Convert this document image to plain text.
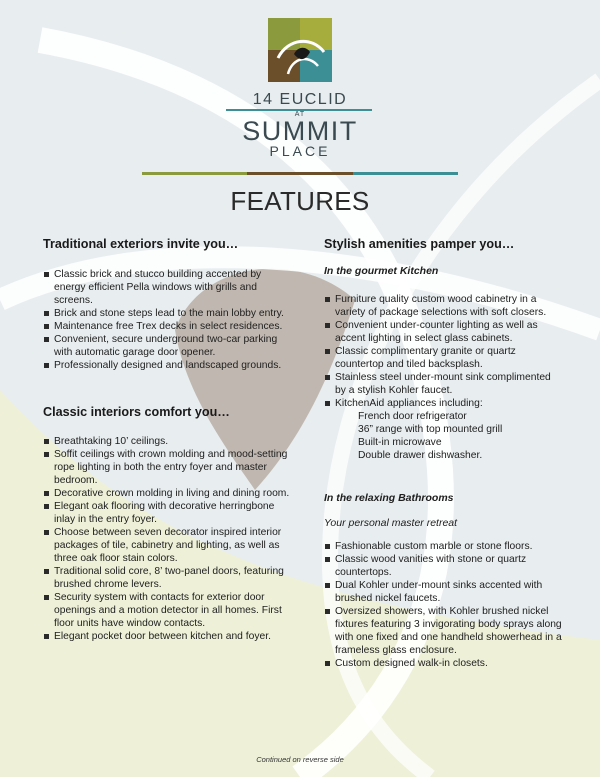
14 EUCLID
AT
SUMMIT
PLACE
FEATURES

Traditional exteriors invite you…

Classic brick and stucco building accented by energy efficient Pella windows with grills and screens.
Brick and stone steps lead to the main lobby entry.
Maintenance free Trex decks in select residences.
Convenient, secure underground two-car parking with automatic garage door opener.
Professionally designed and landscaped grounds.

Classic interiors comfort you…

Breathtaking 10’ ceilings.
Soffit ceilings with crown molding and mood-setting rope lighting in both the entry foyer and master bedroom.
Decorative crown molding in living and dining room.
Elegant oak flooring with decorative herringbone inlay in the entry foyer.
Choose between seven decorator inspired interior packages of tile, cabinetry and lighting, as well as three oak floor stain colors.
Traditional solid core, 8’ two-panel doors, featuring brushed chrome levers.
Security system with contacts for exterior door openings and a motion detector in all homes. First floor units have window contacts.
Elegant pocket door between kitchen and foyer.

Stylish amenities pamper you…

In the gourmet Kitchen

Furniture quality custom wood cabinetry in a variety of package selections with soft closers.
Convenient under-counter lighting as well as accent lighting in select glass cabinets.
Classic complimentary granite or quartz countertop and tiled backsplash.
Stainless steel under-mount sink complimented by a stylish Kohler faucet.
KitchenAid appliances including:
French door refrigerator
36” range with top mounted grill
Built-in microwave
Double drawer dishwasher.

In the relaxing Bathrooms

Your personal master retreat

Fashionable custom marble or stone floors.
Classic wood vanities with stone or quartz countertops.
Dual Kohler under-mount sinks accented with brushed nickel faucets.
Oversized showers, with Kohler brushed nickel fixtures featuring 3 invigorating body sprays along with one fixed and one handheld showerhead in a frameless glass enclosure.
Custom designed walk-in closets.
Continued on reverse side
